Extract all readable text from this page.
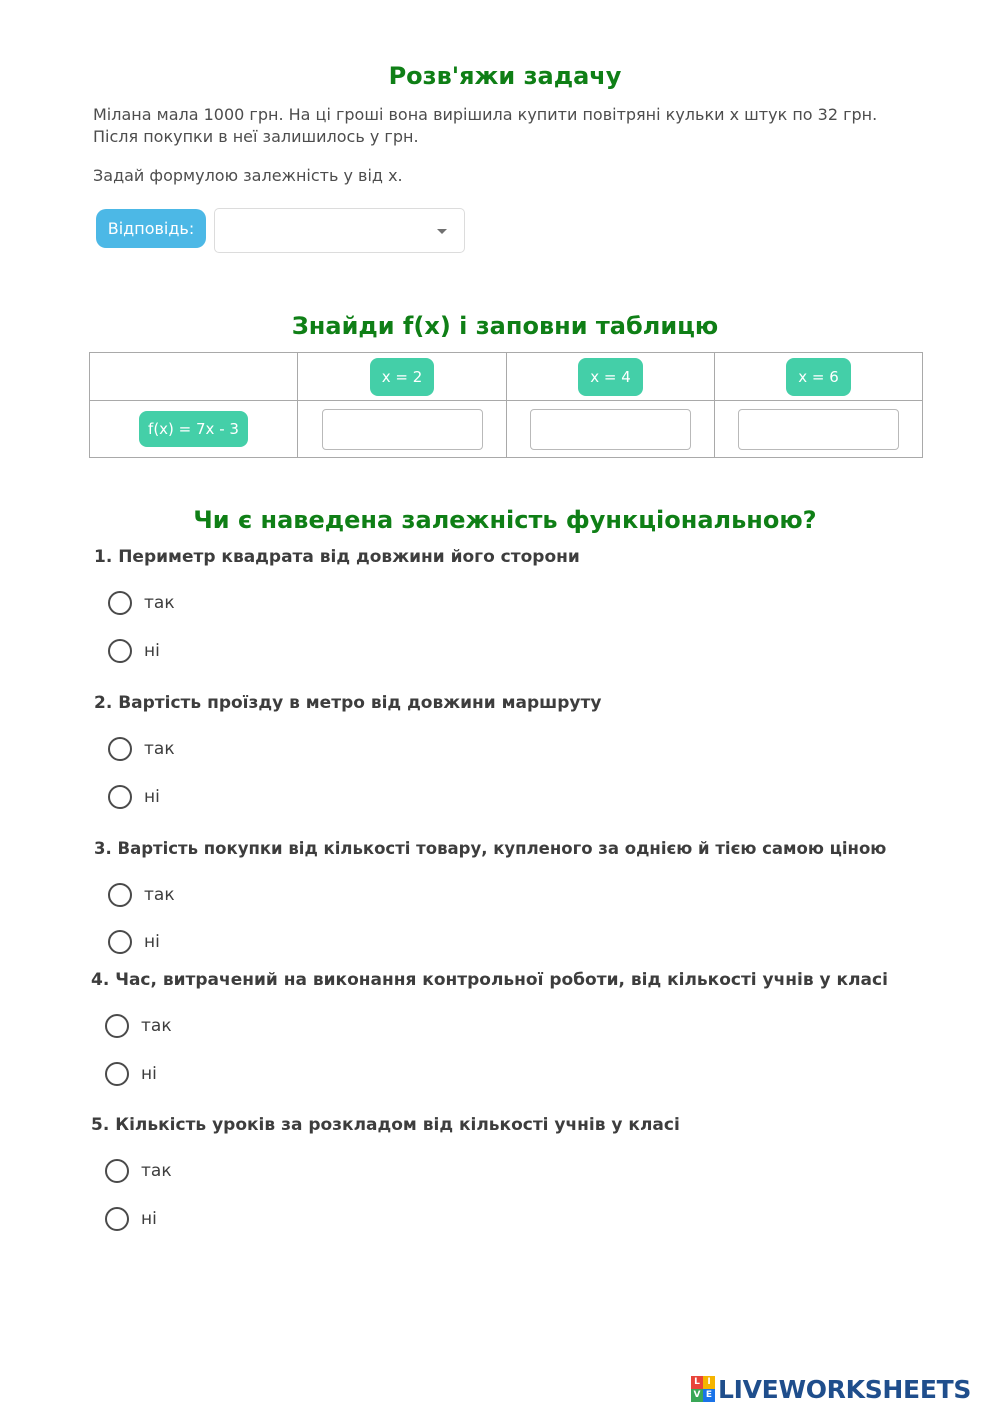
Розв'яжи задачу

Мілана мала 1000 грн. На ці гроші вона вирішила купити повітряні кульки x штук по 32 грн.

Після покупки в неї залишилось y грн.

Задай формулою залежність y від x.

Відповідь:
Знайди f(x) і заповни таблицю
	x = 2	x = 4	x = 6
f(x) = 7x - 3			
Чи є наведена залежність функціональною?

1. Периметр квадрата від довжини його сторони

так
ні

2. Вартість проїзду в метро від довжини маршруту

так
ні

3. Вартість покупки від кількості товару, купленого за однією й тією самою ціною

так
ні

4. Час, витрачений на виконання контрольної роботи, від кількості учнів у класі

так
ні

5. Кількість уроків за розкладом від кількості учнів у класі

так
ні
L I
V E LIVEWORKSHEETS
